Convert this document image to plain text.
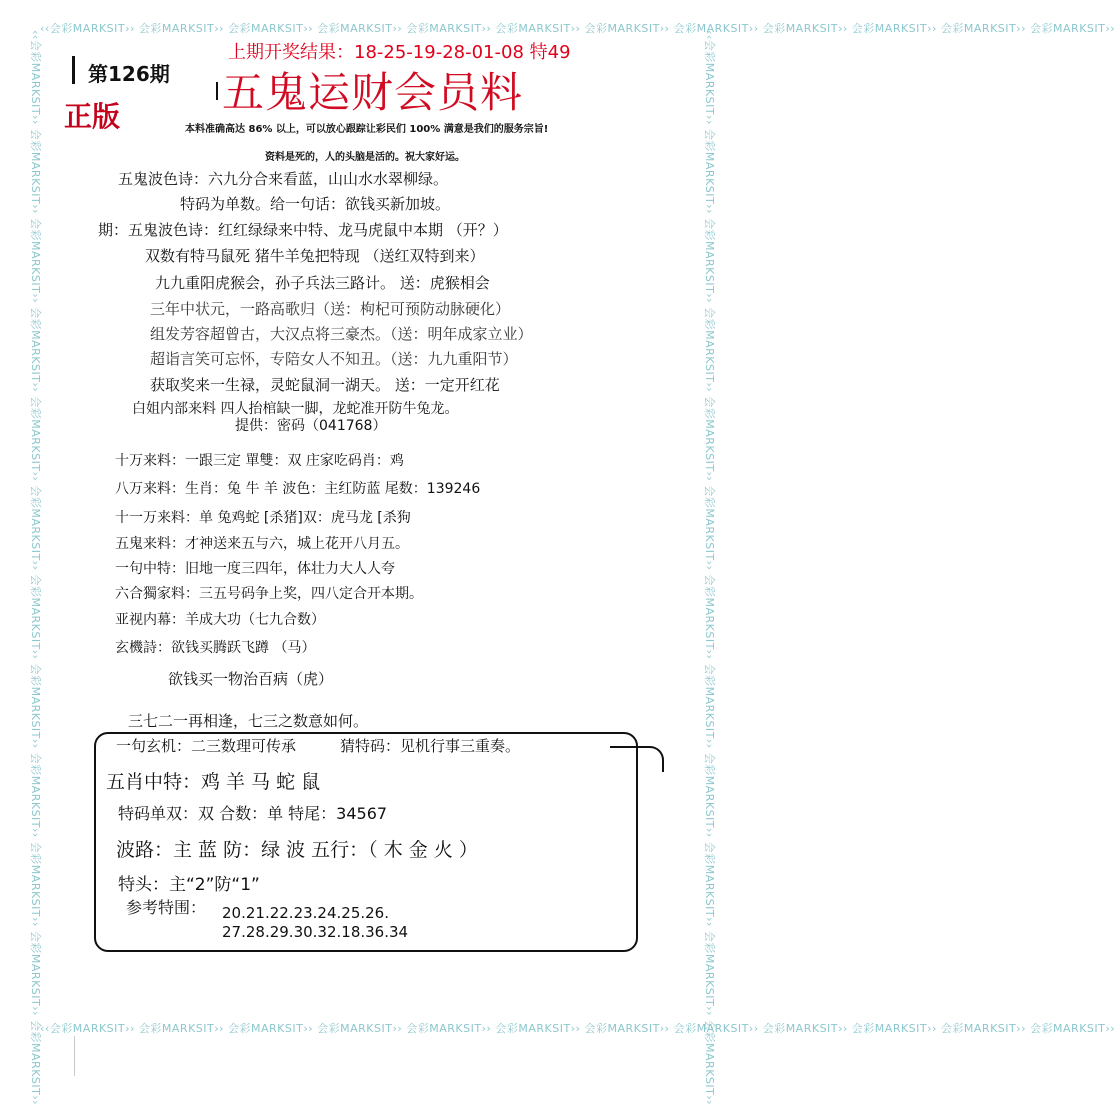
‹‹会彩MARKSIT›› 会彩MARKSIT›› 会彩MARKSIT›› 会彩MARKSIT›› 会彩MARKSIT›› 会彩MARKSIT›› 会彩MARKSIT›› 会彩MARKSIT›› 会彩MARKSIT›› 会彩MARKSIT›› 会彩MARKSIT›› 会彩MARKSIT››
‹‹会彩MARKSIT›› 会彩MARKSIT›› 会彩MARKSIT›› 会彩MARKSIT›› 会彩MARKSIT›› 会彩MARKSIT›› 会彩MARKSIT›› 会彩MARKSIT›› 会彩MARKSIT›› 会彩MARKSIT›› 会彩MARKSIT›› 会彩MARKSIT››
‹‹会彩MARKSIT›› 会彩MARKSIT›› 会彩MARKSIT›› 会彩MARKSIT›› 会彩MARKSIT›› 会彩MARKSIT›› 会彩MARKSIT›› 会彩MARKSIT›› 会彩MARKSIT›› 会彩MARKSIT›› 会彩MARKSIT›› 会彩MARKSIT››	‹‹会彩MARKSIT›› 会彩MARKSIT›› 会彩MARKSIT›› 会彩MARKSIT›› 会彩MARKSIT›› 会彩MARKSIT›› 会彩MARKSIT›› 会彩MARKSIT›› 会彩MARKSIT›› 会彩MARKSIT›› 会彩MARKSIT›› 会彩MARKSIT››
上期开奖结果：18-25-19-28-01-08 特49
第126期
正版 五鬼运财会员料
本料准确高达 86% 以上，可以放心跟踪让彩民们 100% 满意是我们的服务宗旨!
资料是死的，人的头脑是活的。祝大家好运。
五鬼波色诗：六九分合来看蓝，山山水水翠柳绿。
特码为单数。给一句话：欲钱买新加坡。
期：五鬼波色诗：红红绿绿来中特、龙马虎鼠中本期 （开？）
双数有特马鼠死 猪牛羊兔把特现 （送红双特到来）
九九重阳虎猴会，孙子兵法三路计。 送：虎猴相会
三年中状元，一路高歌归（送：枸杞可预防动脉硬化）
组发芳容超曾古，大汉点将三豪杰。（送：明年成家立业）
超诣言笑可忘怀，专陪女人不知丑。（送：九九重阳节）
获取奖来一生禄，灵蛇鼠洞一湖天。 送：一定开红花
白姐内部来料 四人抬棺缺一脚，龙蛇准开防牛兔龙。
提供：密码（041768）
十万来料：一跟三定 單雙：双 庄家吃码肖：鸡
八万来料：生肖：兔 牛 羊 波色：主红防蓝 尾数：139246
十一万来料：单 兔鸡蛇 [杀猪]双：虎马龙 [杀狗
五鬼来料：才神送来五与六，城上花开八月五。
一句中特：旧地一度三四年，体壮力大人人夸
六合獨家料：三五号码争上奖，四八定合开本期。
亚视内幕：羊成大功（七九合数）
玄機詩：欲钱买腾跃飞蹲 （马）
欲钱买一物治百病（虎）
三七二一再相逢，七三之数意如何。
一句玄机：二三数理可传承	猜特码：见机行事三重奏。
五肖中特：鸡 羊 马 蛇 鼠
特码单双：双 合数：单 特尾：34567
波路：主 蓝 防：绿 波 五行：（ 木 金 火 ）
特头：主“2”防“1”
参考特围： 20.21.22.23.24.25.26.
27.28.29.30.32.18.36.34
